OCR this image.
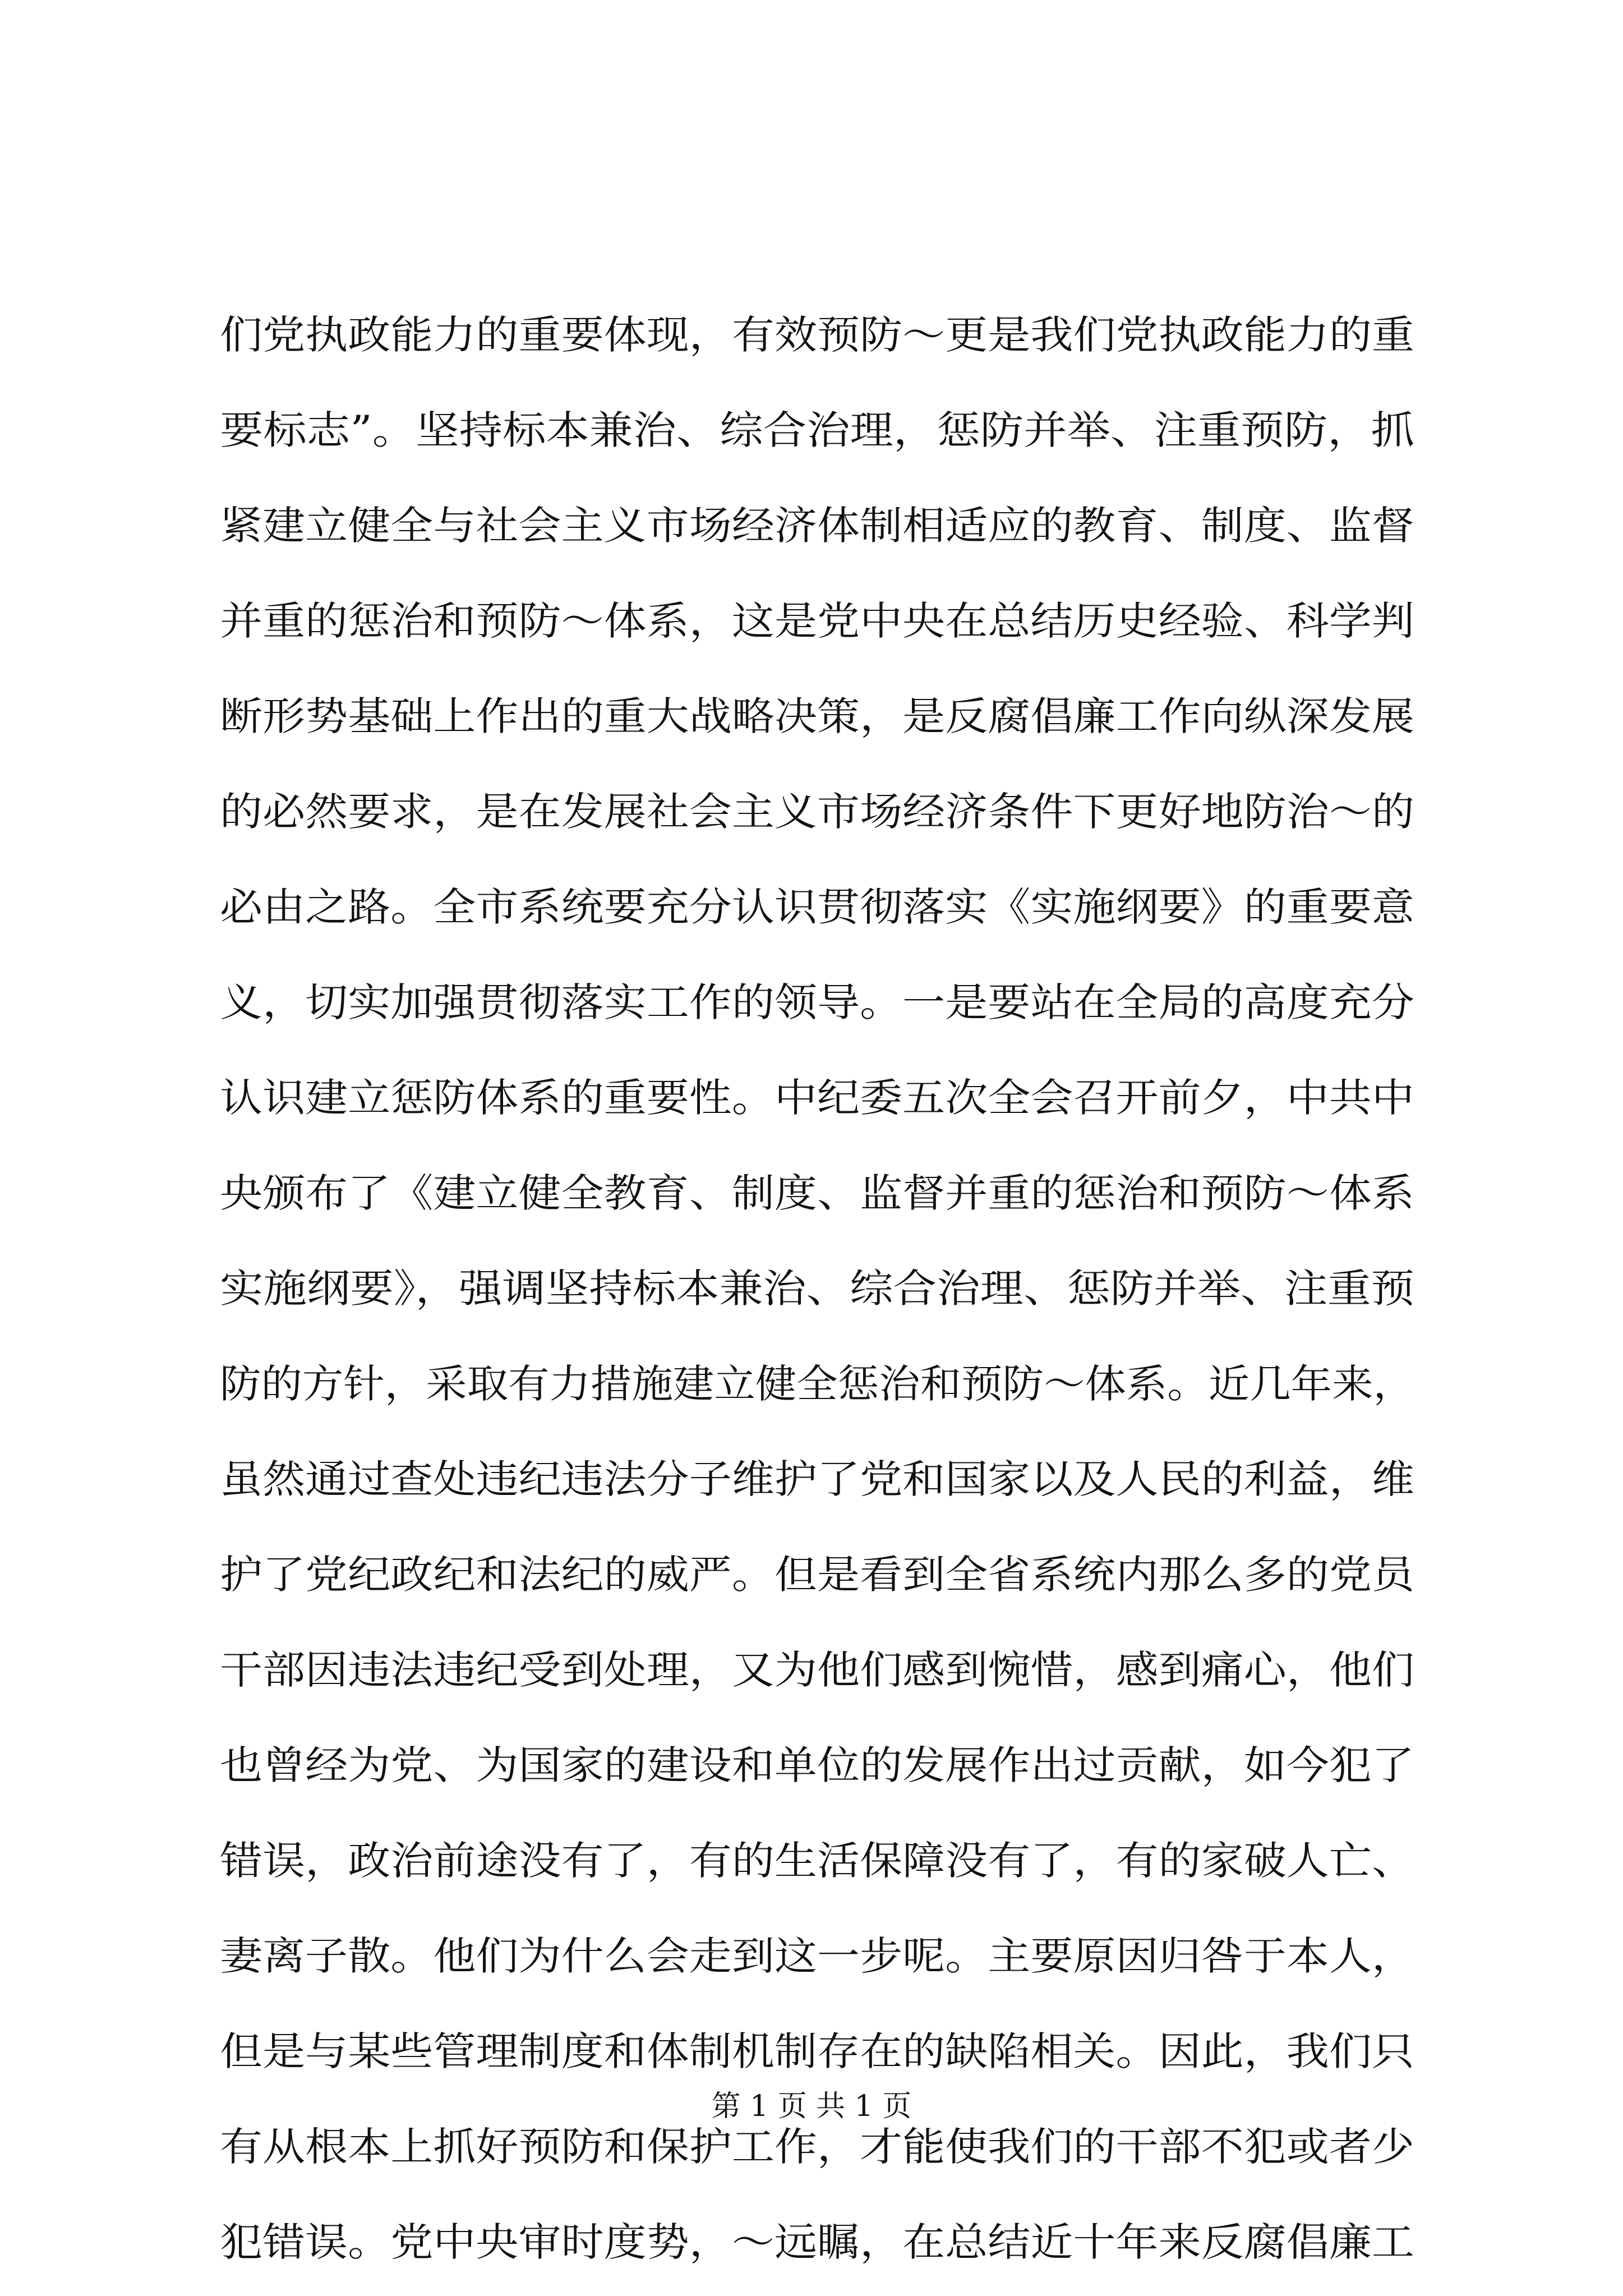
们党执政能力的重要体现，有效预防～更是我们党执政能力的重
要标志”。坚持标本兼治、综合治理，惩防并举、注重预防，抓
紧建立健全与社会主义市场经济体制相适应的教育、制度、监督
并重的惩治和预防～体系，这是党中央在总结历史经验、科学判
断形势基础上作出的重大战略决策，是反腐倡廉工作向纵深发展
的必然要求，是在发展社会主义市场经济条件下更好地防治～的
必由之路。全市系统要充分认识贯彻落实《实施纲要》的重要意
义，切实加强贯彻落实工作的领导。一是要站在全局的高度充分
认识建立惩防体系的重要性。中纪委五次全会召开前夕，中共中
央颁布了《建立健全教育、制度、监督并重的惩治和预防～体系
实施纲要》，强调坚持标本兼治、综合治理、惩防并举、注重预
防的方针，采取有力措施建立健全惩治和预防～体系。近几年来，
虽然通过查处违纪违法分子维护了党和国家以及人民的利益，维
护了党纪政纪和法纪的威严。但是看到全省系统内那么多的党员
干部因违法违纪受到处理，又为他们感到惋惜，感到痛心，他们
也曾经为党、为国家的建设和单位的发展作出过贡献，如今犯了
错误，政治前途没有了，有的生活保障没有了，有的家破人亡、
妻离子散。他们为什么会走到这一步呢。主要原因归咎于本人，
但是与某些管理制度和体制机制存在的缺陷相关。因此，我们只
有从根本上抓好预防和保护工作，才能使我们的干部不犯或者少
犯错误。党中央审时度势，～远瞩，在总结近十年来反腐倡廉工
第 1 页 共 1 页
